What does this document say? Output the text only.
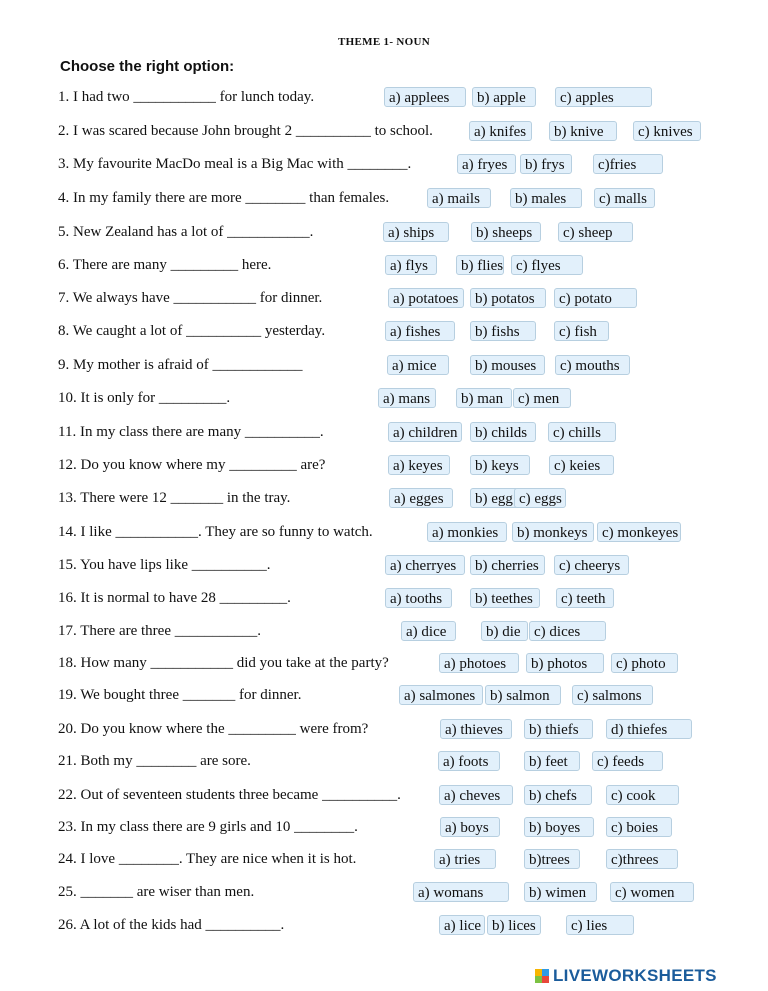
THEME 1- NOUN
Choose the right option:
1. I had two ___________ for lunch today.	a) applees	b) apple	c) apples
2. I was scared because John brought 2 __________ to school.	a) knifes	b) knive	c) knives
3. My favourite MacDo meal is a Big Mac with ________.	a) fryes	b) frys	c)fries
4. In my family there are more ________ than females.	a) mails	b) males	c) malls
5. New Zealand has a lot of ___________.	a) ships	b) sheeps	c) sheep
6. There are many _________ here.	a) flys	b) flies c) flyes
7. We always have ___________ for dinner.	a) potatoes	b) potatos	c) potato
8. We caught a lot of __________ yesterday.	a) fishes	b) fishs	c) fish
9. My mother is afraid of ____________	a) mice	b) mouses	c) mouths
10. It is only for _________.	a) mans	b) man c) men
11. In my class there are many __________.	a) children	b) childs	c) chills
12. Do you know where my _________ are?	a) keyes	b) keys	c) keies
13. There were 12 _______ in the tray.	a) egges	b) egg c) eggs
14. I like ___________. They are so funny to watch.	a) monkies	b) monkeys c) monkeyes
15. You have lips like __________.	a) cherryes	b) cherries	c) cheerys
16. It is normal to have 28 _________.	a) tooths	b) teethes	c) teeth
17. There are three ___________.	a) dice	b) die c) dices
18. How many ___________ did you take at the party?	a) photoes	b) photos	c) photo
19. We bought three _______ for dinner.	a) salmones b) salmon	c) salmons
20. Do you know where the _________ were from?	a) thieves	b) thiefs	d) thiefes
21. Both my ________ are sore.	a) foots	b) feet	c) feeds
22. Out of seventeen students three became __________.	a) cheves	b) chefs	c) cook
23. In my class there are 9 girls and 10 ________.	a) boys	b) boyes	c) boies
24. I love ________. They are nice when it is hot.	a) tries	b)trees	c)threes
25. _______ are wiser than men.	a) womans	b) wimen	c) women
26. A lot of the kids had __________.	a) lice b) lices	c) lies
LIVEWORKSHEETS
